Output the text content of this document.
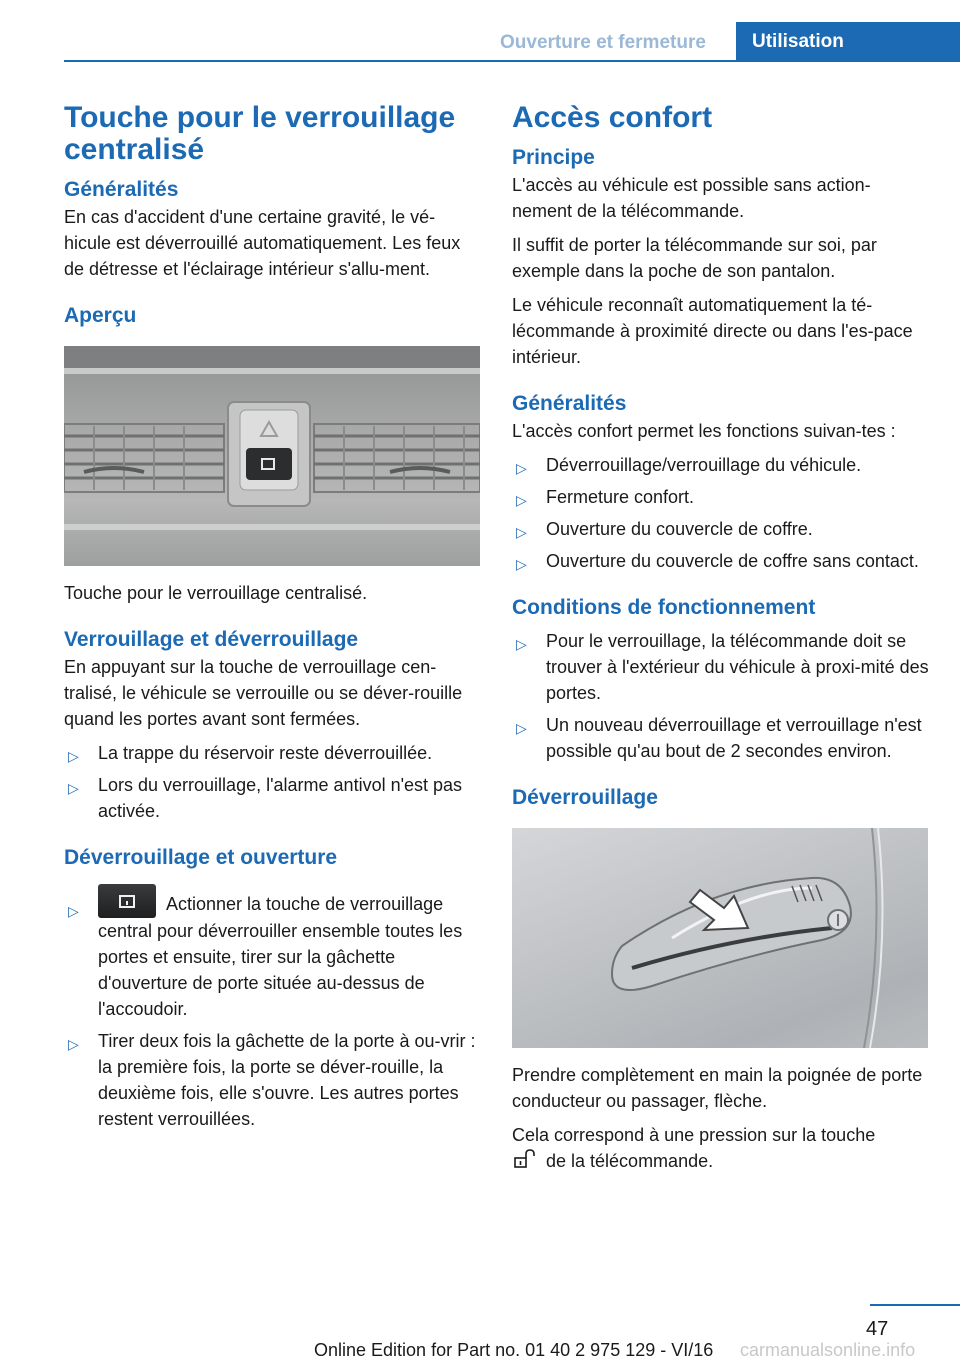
Ouverture et fermeture	Utilisation
Touche pour le verrouillage centralisé
Généralités

En cas d'accident d'une certaine gravité, le vé‐hicule est déverrouillé automatiquement. Les feux de détresse et l'éclairage intérieur s'allu‐ment.

Aperçu

Touche pour le verrouillage centralisé.

Verrouillage et déverrouillage

En appuyant sur la touche de verrouillage cen‐tralisé, le véhicule se verrouille ou se déver‐rouille quand les portes avant sont fermées.

▷ La trappe du réservoir reste déverrouillée.
▷ Lors du verrouillage, l'alarme antivol n'est pas activée.
Déverrouillage et ouverture
▷	Actionner la touche de verrouillage central pour déverrouiller ensemble toutes les portes et ensuite, tirer sur la gâchette d'ouverture de porte située au-dessus de l'accoudoir.
▷ Tirer deux fois la gâchette de la porte à ou‐vrir : la première fois, la porte se déver‐rouille, la deuxième fois, elle s'ouvre. Les autres portes restent verrouillées.
Accès confort
Principe

L'accès au véhicule est possible sans action‐nement de la télécommande.

Il suffit de porter la télécommande sur soi, par exemple dans la poche de son pantalon.

Le véhicule reconnaît automatiquement la té‐lécommande à proximité directe ou dans l'es‐pace intérieur.

Généralités

L'accès confort permet les fonctions suivan‐tes :

▷ Déverrouillage/verrouillage du véhicule.
▷ Fermeture confort.
▷ Ouverture du couvercle de coffre.
▷ Ouverture du couvercle de coffre sans contact.
Conditions de fonctionnement
▷ Pour le verrouillage, la télécommande doit se trouver à l'extérieur du véhicule à proxi‐mité des portes.
▷ Un nouveau déverrouillage et verrouillage n'est possible qu'au bout de 2 secondes environ.
Déverrouillage

Prendre complètement en main la poignée de porte conducteur ou passager, flèche.

Cela correspond à une pression sur la touche
de la télécommande.

47
Online Edition for Part no. 01 40 2 975 129 - VI/16 carmanualsonline.info
